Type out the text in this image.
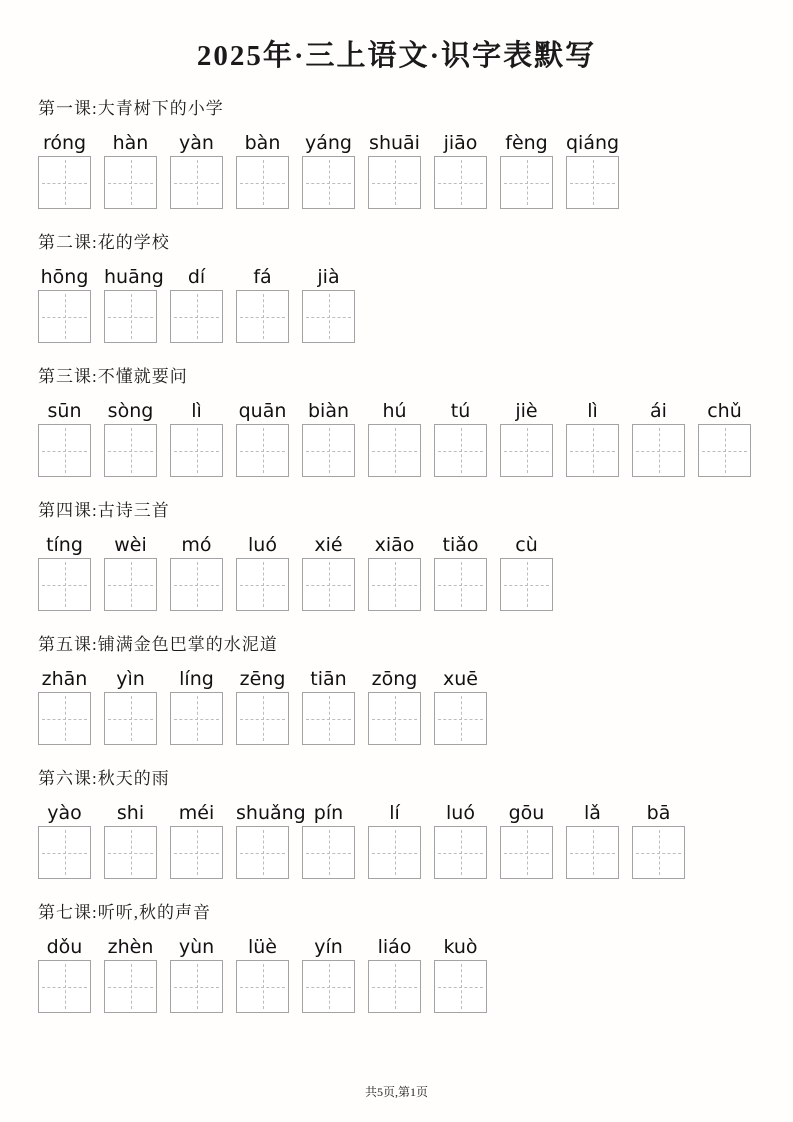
2025年·三上语文·识字表默写
第一课:大青树下的小学
róng	hàn	yàn	bàn	yáng shuāi	jiāo	fèng qiáng
第二课:花的学校
hōng huāng	dí	fá	jià
第三课:不懂就要问
sūn	sòng	lì	quān	biàn	hú	tú	jiè	lì	ái	chǔ
第四课:古诗三首
tíng	wèi	mó	luó	xié	xiāo	tiǎo	cù
第五课:铺满金色巴掌的水泥道
zhān	yìn	líng	zēng	tiān	zōng	xuē
第六课:秋天的雨
yào	shi	méi	shuǎng pín	lí	luó	gōu	lǎ	bā
第七课:听听,秋的声音
dǒu	zhèn	yùn	lüè	yín	liáo	kuò
共5页,第1页
